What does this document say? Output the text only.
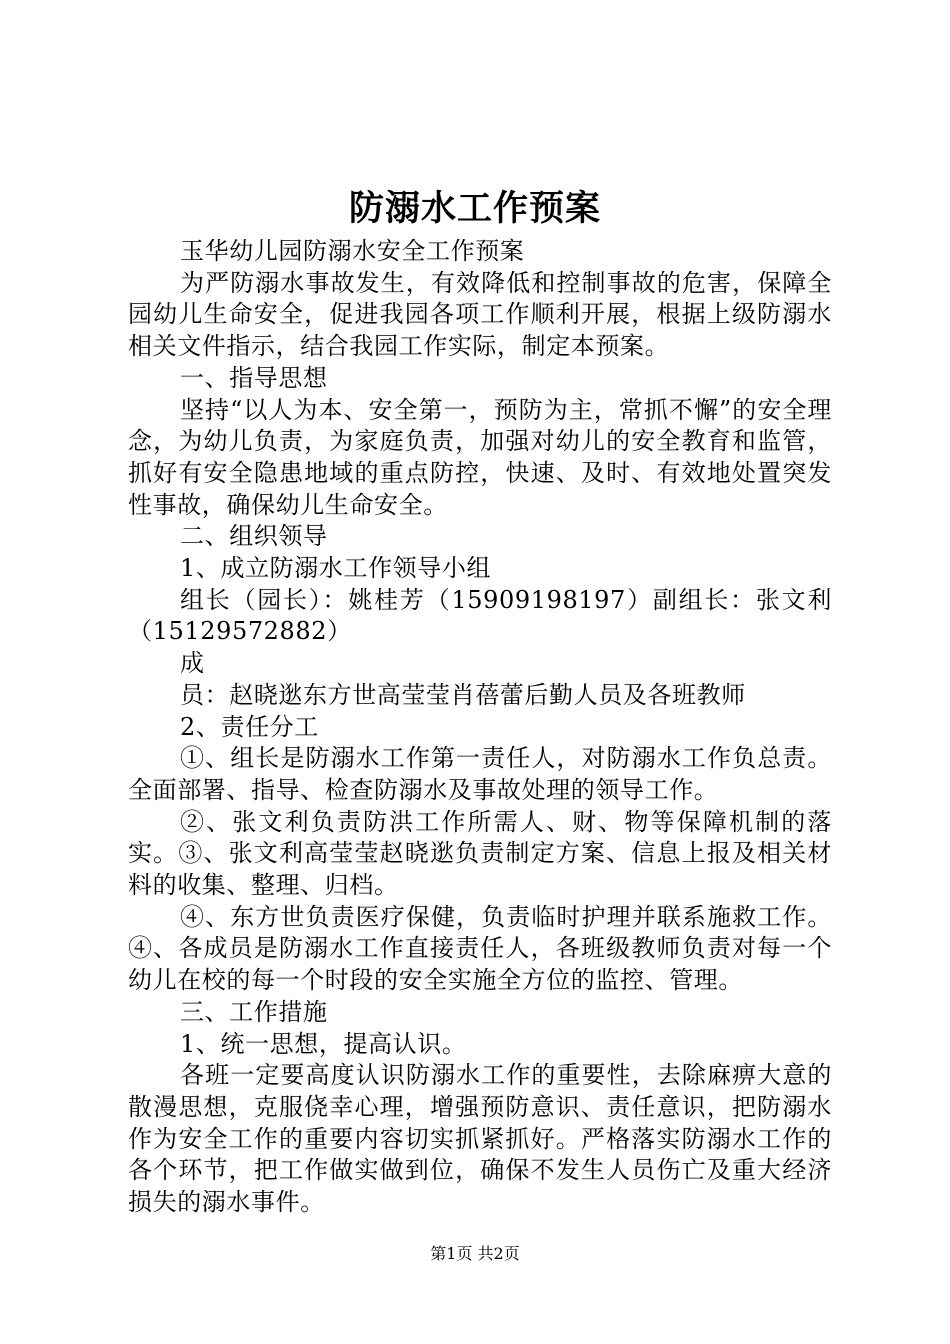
防溺水工作预案

玉华幼儿园防溺水安全工作预案

为严防溺水事故发生，有效降低和控制事故的危害，保障全园幼儿生命安全，促进我园各项工作顺利开展，根据上级防溺水相关文件指示，结合我园工作实际，制定本预案。

一、指导思想

坚持“以人为本、安全第一，预防为主，常抓不懈”的安全理念，为幼儿负责，为家庭负责，加强对幼儿的安全教育和监管，抓好有安全隐患地域的重点防控，快速、及时、有效地处置突发性事故，确保幼儿生命安全。

二、组织领导

1、成立防溺水工作领导小组

组长（园长）：姚桂芳（15909198197）副组长：张文利（15129572882）

成

员：赵晓逖东方世高莹莹肖蓓蕾后勤人员及各班教师

2、责任分工

①、组长是防溺水工作第一责任人，对防溺水工作负总责。全面部署、指导、检查防溺水及事故处理的领导工作。

②、张文利负责防洪工作所需人、财、物等保障机制的落实。③、张文利高莹莹赵晓逖负责制定方案、信息上报及相关材料的收集、整理、归档。

④、东方世负责医疗保健，负责临时护理并联系施救工作。④、各成员是防溺水工作直接责任人，各班级教师负责对每一个幼儿在校的每一个时段的安全实施全方位的监控、管理。

三、工作措施

1、统一思想，提高认识。

各班一定要高度认识防溺水工作的重要性，去除麻痹大意的散漫思想，克服侥幸心理，增强预防意识、责任意识，把防溺水作为安全工作的重要内容切实抓紧抓好。严格落实防溺水工作的各个环节，把工作做实做到位，确保不发生人员伤亡及重大经济损失的溺水事件。

第1页 共2页
